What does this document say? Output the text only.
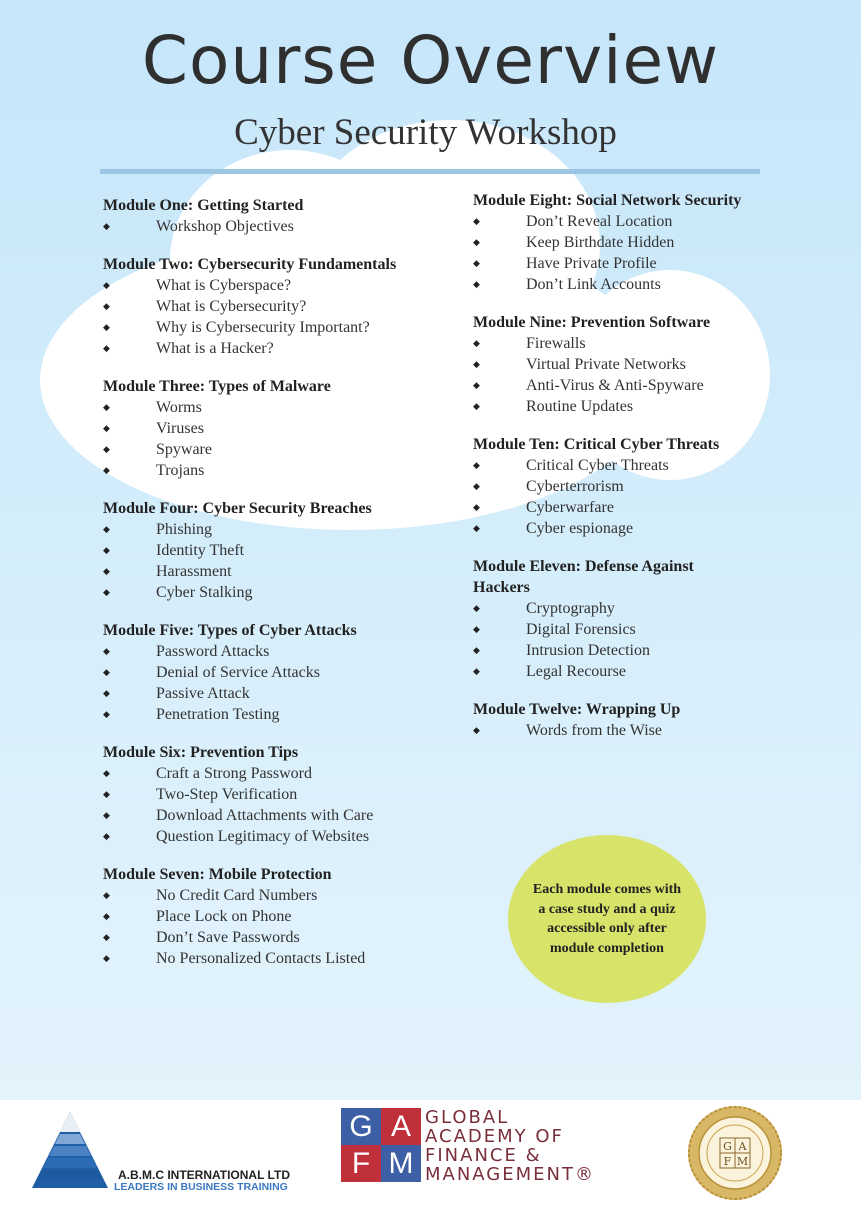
Course Overview
Cyber Security Workshop
Module One: Getting Started
◆	Workshop Objectives
Module Two: Cybersecurity Fundamentals
◆	What is Cyberspace?
◆	What is Cybersecurity?
◆	Why is Cybersecurity Important?
◆	What is a Hacker?
Module Three: Types of Malware
◆	Worms
◆	Viruses
◆	Spyware
◆	Trojans
Module Four: Cyber Security Breaches
◆	Phishing
◆	Identity Theft
◆	Harassment
◆	Cyber Stalking
Module Five: Types of Cyber Attacks
◆	Password Attacks
◆	Denial of Service Attacks
◆	Passive Attack
◆	Penetration Testing
Module Six: Prevention Tips
◆	Craft a Strong Password
◆	Two-Step Verification
◆	Download Attachments with Care
◆	Question Legitimacy of Websites
Module Seven: Mobile Protection
◆	No Credit Card Numbers
◆	Place Lock on Phone
◆	Don’t Save Passwords
◆	No Personalized Contacts Listed
Module Eight: Social Network Security
◆	Don’t Reveal Location
◆	Keep Birthdate Hidden
◆	Have Private Profile
◆	Don’t Link Accounts
Module Nine: Prevention Software
◆	Firewalls
◆	Virtual Private Networks
◆	Anti-Virus & Anti-Spyware
◆	Routine Updates
Module Ten: Critical Cyber Threats
◆	Critical Cyber Threats
◆	Cyberterrorism
◆	Cyberwarfare
◆	Cyber espionage
Module Eleven: Defense Against Hackers
◆	Cryptography
◆	Digital Forensics
◆	Intrusion Detection
◆	Legal Recourse
Module Twelve: Wrapping Up
◆	Words from the Wise
Each module comes with a case study and a quiz accessible only after module completion
A.B.M.C INTERNATIONAL LTD
LEADERS IN BUSINESS TRAINING
G A
F M
GLOBAL
ACADEMY OF
FINANCE &
MANAGEMENT®
G A
F M
